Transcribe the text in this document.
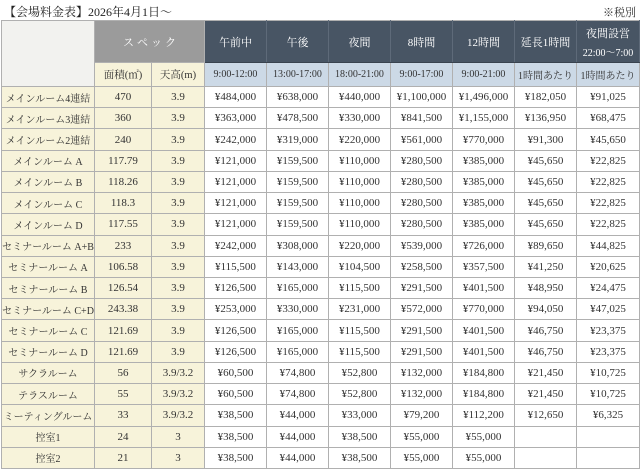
【会場料金表】2026年4月1日～	※税別
	スペック		午前中	午後	夜間	8時間	12時間	延長1時間	夜間設営
22:00～7:00

	面積(㎡)	天高(m)	9:00-12:00	13:00-17:00	18:00-21:00	9:00-17:00	9:00-21:00	1時間あたり	1時間あたり
メインルーム4連結	470	3.9	¥484,000	¥638,000	¥440,000	¥1,100,000	¥1,496,000	¥182,050	¥91,025
メインルーム3連結	360	3.9	¥363,000	¥478,500	¥330,000	¥841,500	¥1,155,000	¥136,950	¥68,475
メインルーム2連結	240	3.9	¥242,000	¥319,000	¥220,000	¥561,000	¥770,000	¥91,300	¥45,650
メインルーム A	117.79	3.9	¥121,000	¥159,500	¥110,000	¥280,500	¥385,000	¥45,650	¥22,825
メインルーム B	118.26	3.9	¥121,000	¥159,500	¥110,000	¥280,500	¥385,000	¥45,650	¥22,825
メインルーム C	118.3	3.9	¥121,000	¥159,500	¥110,000	¥280,500	¥385,000	¥45,650	¥22,825
メインルーム D	117.55	3.9	¥121,000	¥159,500	¥110,000	¥280,500	¥385,000	¥45,650	¥22,825
セミナールーム A+B	233	3.9	¥242,000	¥308,000	¥220,000	¥539,000	¥726,000	¥89,650	¥44,825
セミナールーム A	106.58	3.9	¥115,500	¥143,000	¥104,500	¥258,500	¥357,500	¥41,250	¥20,625
セミナールーム B	126.54	3.9	¥126,500	¥165,000	¥115,500	¥291,500	¥401,500	¥48,950	¥24,475
セミナールーム C+D	243.38	3.9	¥253,000	¥330,000	¥231,000	¥572,000	¥770,000	¥94,050	¥47,025
セミナールーム C	121.69	3.9	¥126,500	¥165,000	¥115,500	¥291,500	¥401,500	¥46,750	¥23,375
セミナールーム D	121.69	3.9	¥126,500	¥165,000	¥115,500	¥291,500	¥401,500	¥46,750	¥23,375
サクラルーム	56	3.9/3.2	¥60,500	¥74,800	¥52,800	¥132,000	¥184,800	¥21,450	¥10,725
テラスルーム	55	3.9/3.2	¥60,500	¥74,800	¥52,800	¥132,000	¥184,800	¥21,450	¥10,725
ミーティングルーム	33	3.9/3.2	¥38,500	¥44,000	¥33,000	¥79,200	¥112,200	¥12,650	¥6,325
控室1	24	3	¥38,500	¥44,000	¥38,500	¥55,000	¥55,000		
控室2	21	3	¥38,500	¥44,000	¥38,500	¥55,000	¥55,000		
